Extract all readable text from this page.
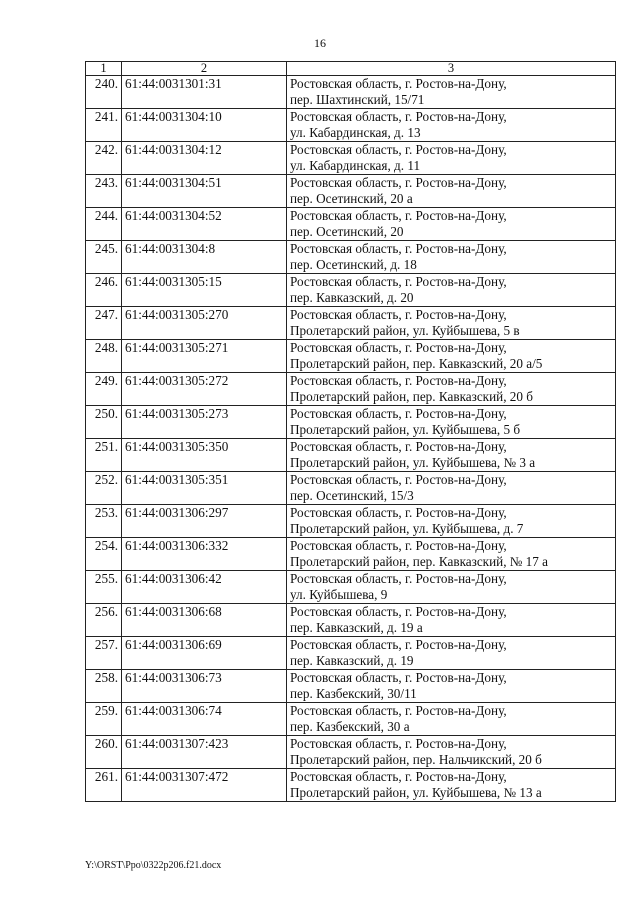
16
1	2	3
240.	61:44:0031301:31	Ростовская область, г. Ростов-на-Дону,
пер. Шахтинский, 15/71

241.	61:44:0031304:10	Ростовская область, г. Ростов-на-Дону,
ул. Кабардинская, д. 13

242.	61:44:0031304:12	Ростовская область, г. Ростов-на-Дону,
ул. Кабардинская, д. 11

243.	61:44:0031304:51	Ростовская область, г. Ростов-на-Дону,
пер. Осетинский, 20 а

244.	61:44:0031304:52	Ростовская область, г. Ростов-на-Дону,
пер. Осетинский, 20

245.	61:44:0031304:8	Ростовская область, г. Ростов-на-Дону,
пер. Осетинский, д. 18

246.	61:44:0031305:15	Ростовская область, г. Ростов-на-Дону,
пер. Кавказский, д. 20

247.	61:44:0031305:270	Ростовская область, г. Ростов-на-Дону,
Пролетарский район, ул. Куйбышева, 5 в

248.	61:44:0031305:271	Ростовская область, г. Ростов-на-Дону,
Пролетарский район, пер. Кавказский, 20 а/5

249.	61:44:0031305:272	Ростовская область, г. Ростов-на-Дону,
Пролетарский район, пер. Кавказский, 20 б

250.	61:44:0031305:273	Ростовская область, г. Ростов-на-Дону,
Пролетарский район, ул. Куйбышева, 5 б

251.	61:44:0031305:350	Ростовская область, г. Ростов-на-Дону,
Пролетарский район, ул. Куйбышева, № 3 а

252.	61:44:0031305:351	Ростовская область, г. Ростов-на-Дону,
пер. Осетинский, 15/3

253.	61:44:0031306:297	Ростовская область, г. Ростов-на-Дону,
Пролетарский район, ул. Куйбышева, д. 7

254.	61:44:0031306:332	Ростовская область, г. Ростов-на-Дону,
Пролетарский район, пер. Кавказский, № 17 а

255.	61:44:0031306:42	Ростовская область, г. Ростов-на-Дону,
ул. Куйбышева, 9

256.	61:44:0031306:68	Ростовская область, г. Ростов-на-Дону,
пер. Кавказский, д. 19 а

257.	61:44:0031306:69	Ростовская область, г. Ростов-на-Дону,
пер. Кавказский, д. 19

258.	61:44:0031306:73	Ростовская область, г. Ростов-на-Дону,
пер. Казбекский, 30/11

259.	61:44:0031306:74	Ростовская область, г. Ростов-на-Дону,
пер. Казбекский, 30 а

260.	61:44:0031307:423	Ростовская область, г. Ростов-на-Дону,
Пролетарский район, пер. Нальчикский, 20 б

261.	61:44:0031307:472	Ростовская область, г. Ростов-на-Дону,
Пролетарский район, ул. Куйбышева, № 13 а
Y:\ORST\Ppo\0322p206.f21.docx
